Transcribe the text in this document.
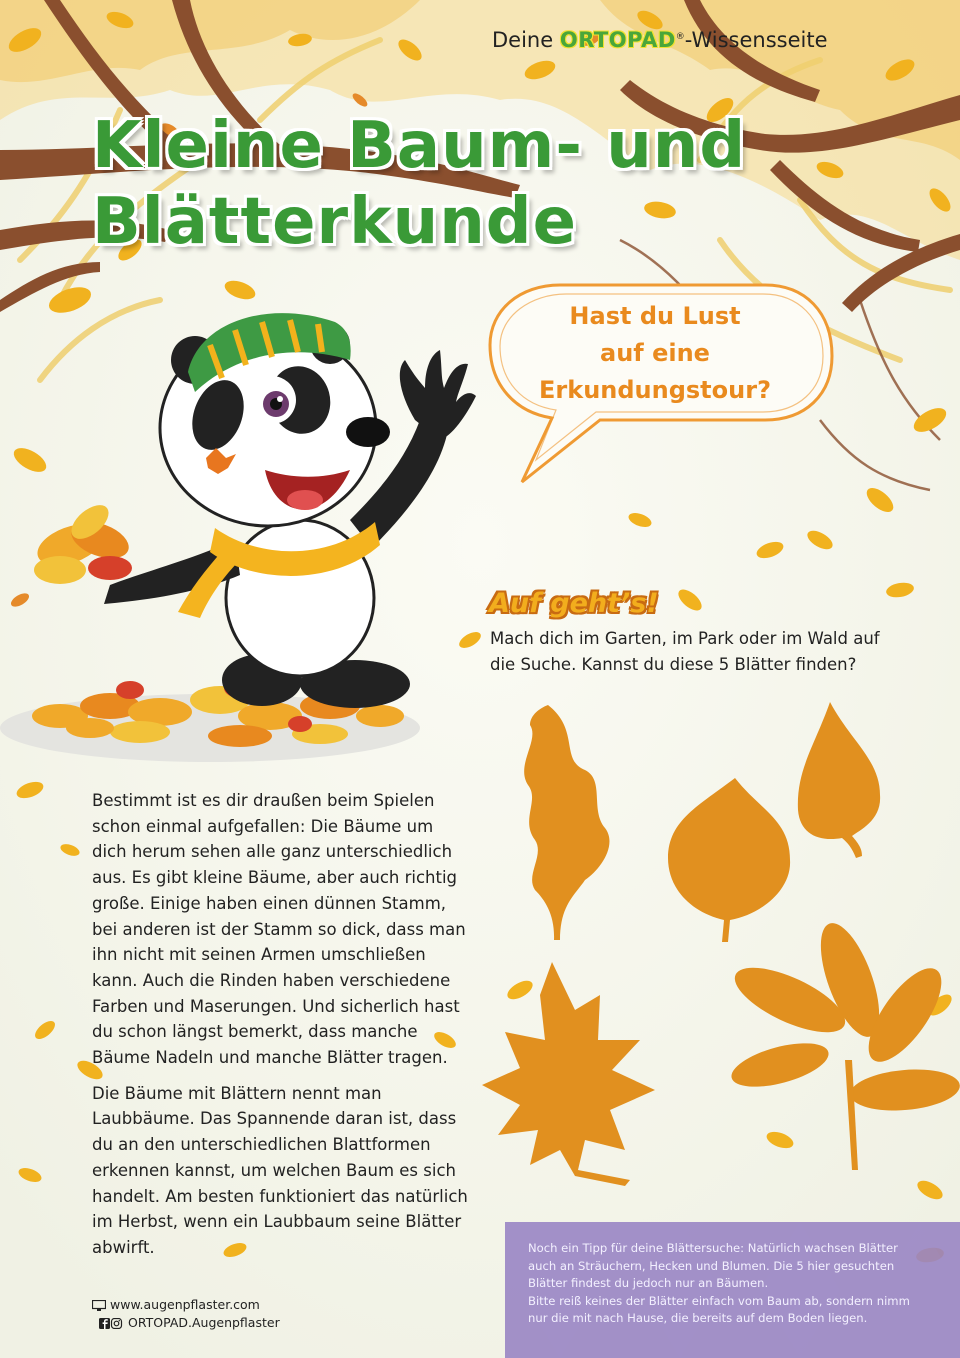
Deine ORTOPAD®-Wissensseite
Kleine Baum- und
Blätterkunde
Hast du Lust
auf eine
Erkundungstour?
Auf geht’s!
Mach dich im Garten, im Park oder im Wald auf die Suche. Kannst du diese 5 Blätter finden?

Bestimmt ist es dir draußen beim Spielen schon einmal aufgefallen: Die Bäume um dich herum sehen alle ganz unterschiedlich aus. Es gibt kleine Bäume, aber auch richtig große. Einige haben einen dünnen Stamm, bei anderen ist der Stamm so dick, dass man ihn nicht mit seinen Armen umschließen kann. Auch die Rinden haben verschiedene Farben und Maserungen. Und sicherlich hast du schon längst bemerkt, dass manche Bäume Nadeln und manche Blätter tragen.

Die Bäume mit Blättern nennt man Laubbäume. Das Spannende daran ist, dass du an den unterschiedlichen Blattformen erkennen kannst, um welchen Baum es sich handelt. Am besten funktioniert das natürlich im Herbst, wenn ein Laubbaum seine Blätter abwirft.	Noch ein Tipp für deine Blättersuche: Natürlich wachsen Blätter auch an Sträuchern, Hecken und Blumen. Die 5 hier gesuchten Blätter findest du jedoch nur an Bäumen.
Bitte reiß keines der Blätter einfach vom Baum ab, sondern nimm nur die mit nach Hause, die bereits auf dem Boden liegen.
www.augenpflaster.com
ORTOPAD.Augenpflaster
